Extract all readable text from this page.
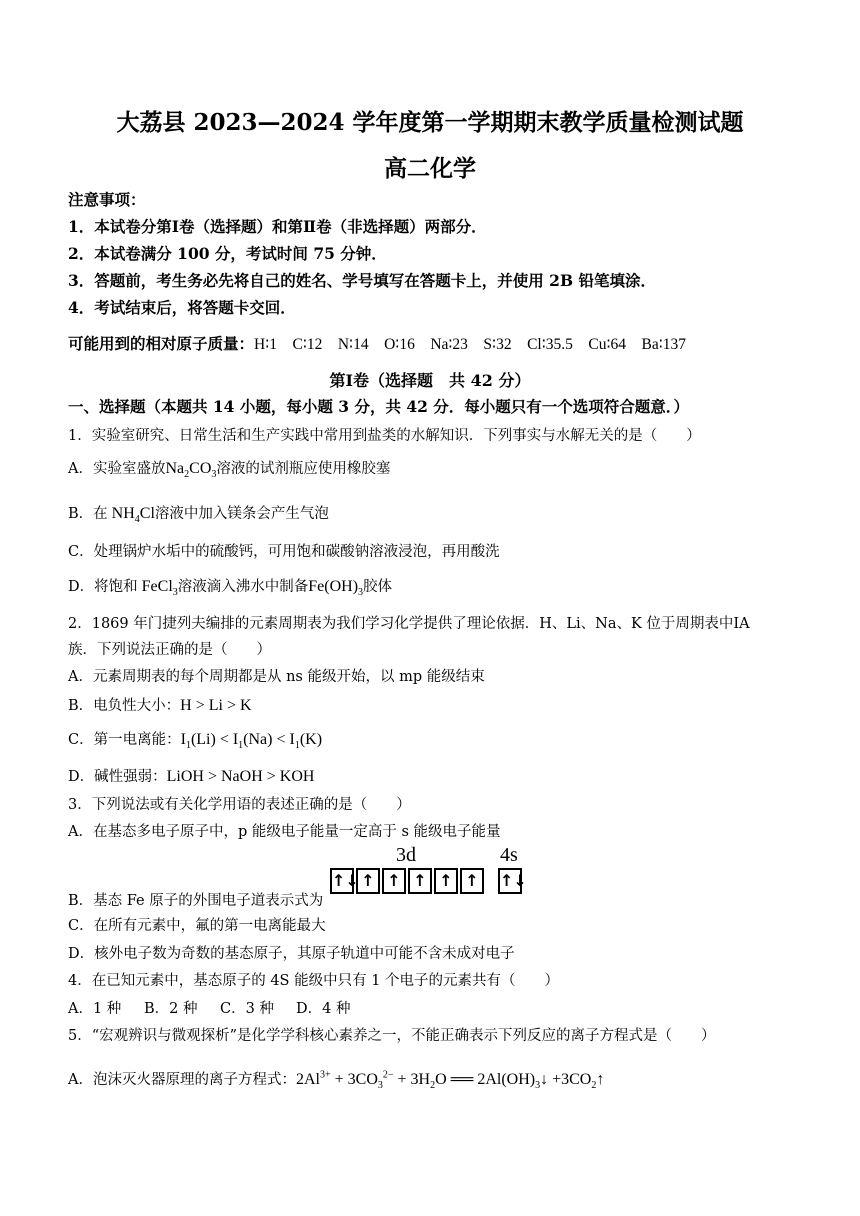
大荔县 2023—2024 学年度第一学期期末教学质量检测试题
高二化学
注意事项：
1．本试卷分第Ⅰ卷（选择题）和第Ⅱ卷（非选择题）两部分．
2．本试卷满分 100 分，考试时间 75 分钟．
3．答题前，考生务必先将自己的姓名、学号填写在答题卡上，并使用 2B 铅笔填涂．
4．考试结束后，将答题卡交回．
可能用到的相对原子质量：H∶1　C∶12　N∶14　O∶16　Na∶23　S∶32　Cl∶35.5　Cu∶64　Ba∶137
第Ⅰ卷（选择题　共 42 分）
一、选择题（本题共 14 小题，每小题 3 分，共 42 分．每小题只有一个选项符合题意．）
1．实验室研究、日常生活和生产实践中常用到盐类的水解知识．下列事实与水解无关的是（　　）
A．实验室盛放$Na_2CO_3$溶液的试剂瓶应使用橡胶塞
B．在 $NH_4Cl$溶液中加入镁条会产生气泡
C．处理锅炉水垢中的硫酸钙，可用饱和碳酸钠溶液浸泡，再用酸洗
D．将饱和 FeCl$_3$溶液滴入沸水中制备$Fe(OH)_3$胶体
2．1869 年门捷列夫编排的元素周期表为我们学习化学提供了理论依据．H、Li、Na、K 位于周期表中ⅠA
族．下列说法正确的是（　　）
A．元素周期表的每个周期都是从 ns 能级开始，以 mp 能级结束
B．电负性大小：H > Li > K
C．第一电离能：$I_1(Li) < I_1(Na) < I_1(K)$
D．碱性强弱：LiOH > NaOH > KOH
3．下列说法或有关化学用语的表述正确的是（　　）
A．在基态多电子原子中，p 能级电子能量一定高于 s 能级电子能量
B．基态 Fe 原子的外围电子道表示式为
3d	4s
↑↓ ↑ ↑ ↑ ↑ ↑	↑↓
C．在所有元素中，氟的第一电离能最大
D．核外电子数为奇数的基态原子，其原子轨道中可能不含未成对电子
4．在已知元素中，基态原子的 4S 能级中只有 1 个电子的元素共有（　　）
A．1 种 B．2 种 C．3 种 D．4 种
5．“宏观辨识与微观探析”是化学学科核心素养之一，不能正确表示下列反应的离子方程式是（　　）
A．泡沫灭火器原理的离子方程式：$2Al^{3+} + 3CO_3^{2-} + 3H_2O$ ══ $2Al(OH)_3↓$ $+3CO_2↑$
